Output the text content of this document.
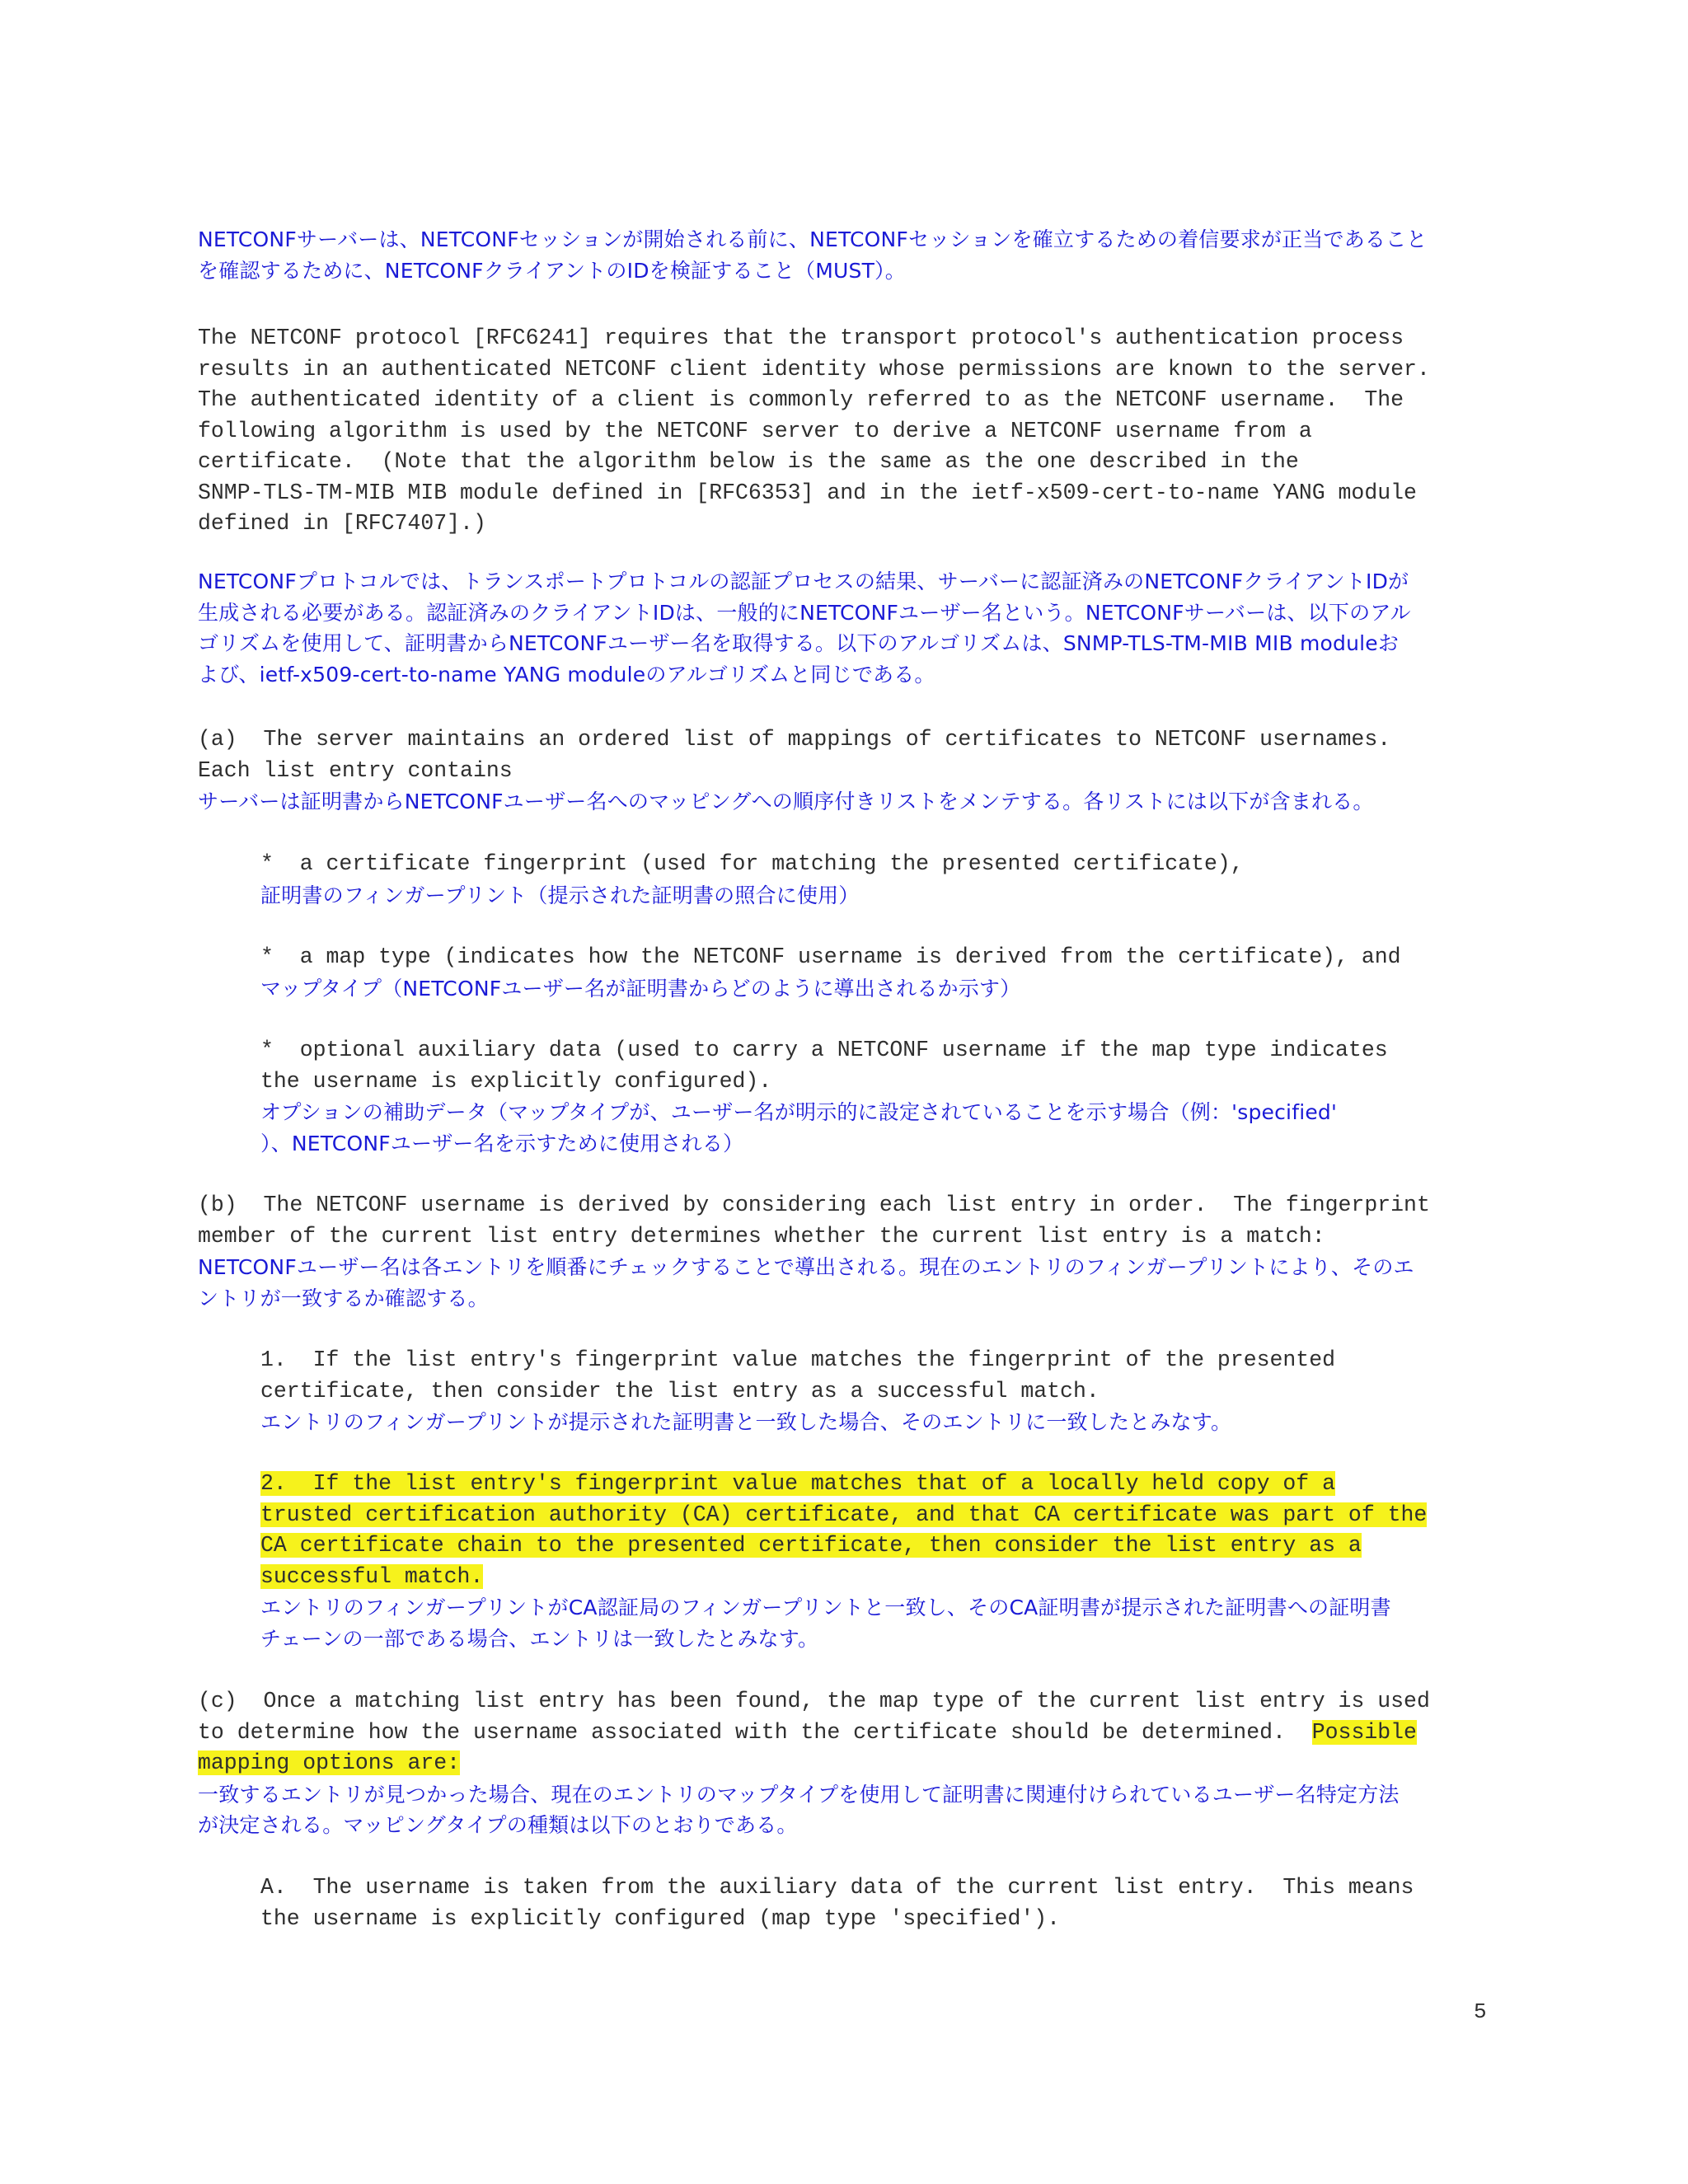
NETCONFサーバーは、NETCONFセッションが開始される前に、NETCONFセッションを確立するための着信要求が正当であること
を確認するために、NETCONFクライアントのIDを検証すること（MUST）。
The NETCONF protocol [RFC6241] requires that the transport protocol's authentication process
results in an authenticated NETCONF client identity whose permissions are known to the server.
The authenticated identity of a client is commonly referred to as the NETCONF username.  The
following algorithm is used by the NETCONF server to derive a NETCONF username from a
certificate.  (Note that the algorithm below is the same as the one described in the
SNMP-TLS-TM-MIB MIB module defined in [RFC6353] and in the ietf-x509-cert-to-name YANG module
defined in [RFC7407].)
NETCONFプロトコルでは、トランスポートプロトコルの認証プロセスの結果、サーバーに認証済みのNETCONFクライアントIDが
生成される必要がある。認証済みのクライアントIDは、一般的にNETCONFユーザー名という。NETCONFサーバーは、以下のアル
ゴリズムを使用して、証明書からNETCONFユーザー名を取得する。以下のアルゴリズムは、SNMP-TLS-TM-MIB MIB moduleお
よび、ietf-x509-cert-to-name YANG moduleのアルゴリズムと同じである。
(a)  The server maintains an ordered list of mappings of certificates to NETCONF usernames.
Each list entry contains
サーバーは証明書からNETCONFユーザー名へのマッピングへの順序付きリストをメンテする。各リストには以下が含まれる。
*  a certificate fingerprint (used for matching the presented certificate),
証明書のフィンガープリント（提示された証明書の照合に使用）
*  a map type (indicates how the NETCONF username is derived from the certificate), and
マップタイプ（NETCONFユーザー名が証明書からどのように導出されるか示す）
*  optional auxiliary data (used to carry a NETCONF username if the map type indicates
the username is explicitly configured).
オプションの補助データ（マップタイプが、ユーザー名が明示的に設定されていることを示す場合（例：'specified'
）、NETCONFユーザー名を示すために使用される）
(b)  The NETCONF username is derived by considering each list entry in order.  The fingerprint
member of the current list entry determines whether the current list entry is a match:
NETCONFユーザー名は各エントリを順番にチェックすることで導出される。現在のエントリのフィンガープリントにより、そのエ
ントリが一致するか確認する。
1.  If the list entry's fingerprint value matches the fingerprint of the presented
certificate, then consider the list entry as a successful match.
エントリのフィンガープリントが提示された証明書と一致した場合、そのエントリに一致したとみなす。
2.  If the list entry's fingerprint value matches that of a locally held copy of a
trusted certification authority (CA) certificate, and that CA certificate was part of the
CA certificate chain to the presented certificate, then consider the list entry as a
successful match.
エントリのフィンガープリントがCA認証局のフィンガープリントと一致し、そのCA証明書が提示された証明書への証明書
チェーンの一部である場合、エントリは一致したとみなす。
(c)  Once a matching list entry has been found, the map type of the current list entry is used
to determine how the username associated with the certificate should be determined.  Possible
mapping options are:
一致するエントリが見つかった場合、現在のエントリのマップタイプを使用して証明書に関連付けられているユーザー名特定方法
が決定される。マッピングタイプの種類は以下のとおりである。
A.  The username is taken from the auxiliary data of the current list entry.  This means
the username is explicitly configured (map type 'specified').
5
